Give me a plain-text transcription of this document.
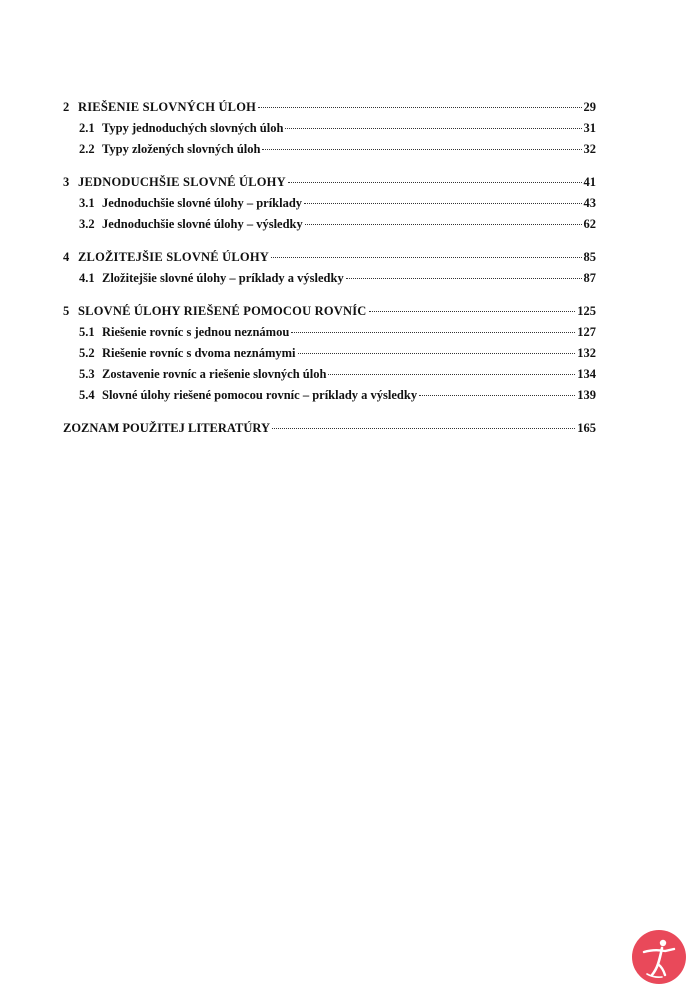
2 RIEŠENIE SLOVNÝCH ÚLOH	29
2.1 Typy jednoduchých slovných úloh	31
2.2 Typy zložených slovných úloh	32
3 JEDNODUCHŠIE SLOVNÉ ÚLOHY	41
3.1 Jednoduchšie slovné úlohy – príklady	43
3.2 Jednoduchšie slovné úlohy – výsledky	62
4 ZLOŽITEJŠIE SLOVNÉ ÚLOHY	85
4.1 Zložitejšie slovné úlohy – príklady a výsledky	87
5 SLOVNÉ ÚLOHY RIEŠENÉ POMOCOU ROVNÍC	125
5.1 Riešenie rovníc s jednou neznámou	127
5.2 Riešenie rovníc s dvoma neznámymi	132
5.3 Zostavenie rovníc a riešenie slovných úloh	134
5.4 Slovné úlohy riešené pomocou rovníc – príklady a výsledky	139
ZOZNAM POUŽITEJ LITERATÚRY	165
